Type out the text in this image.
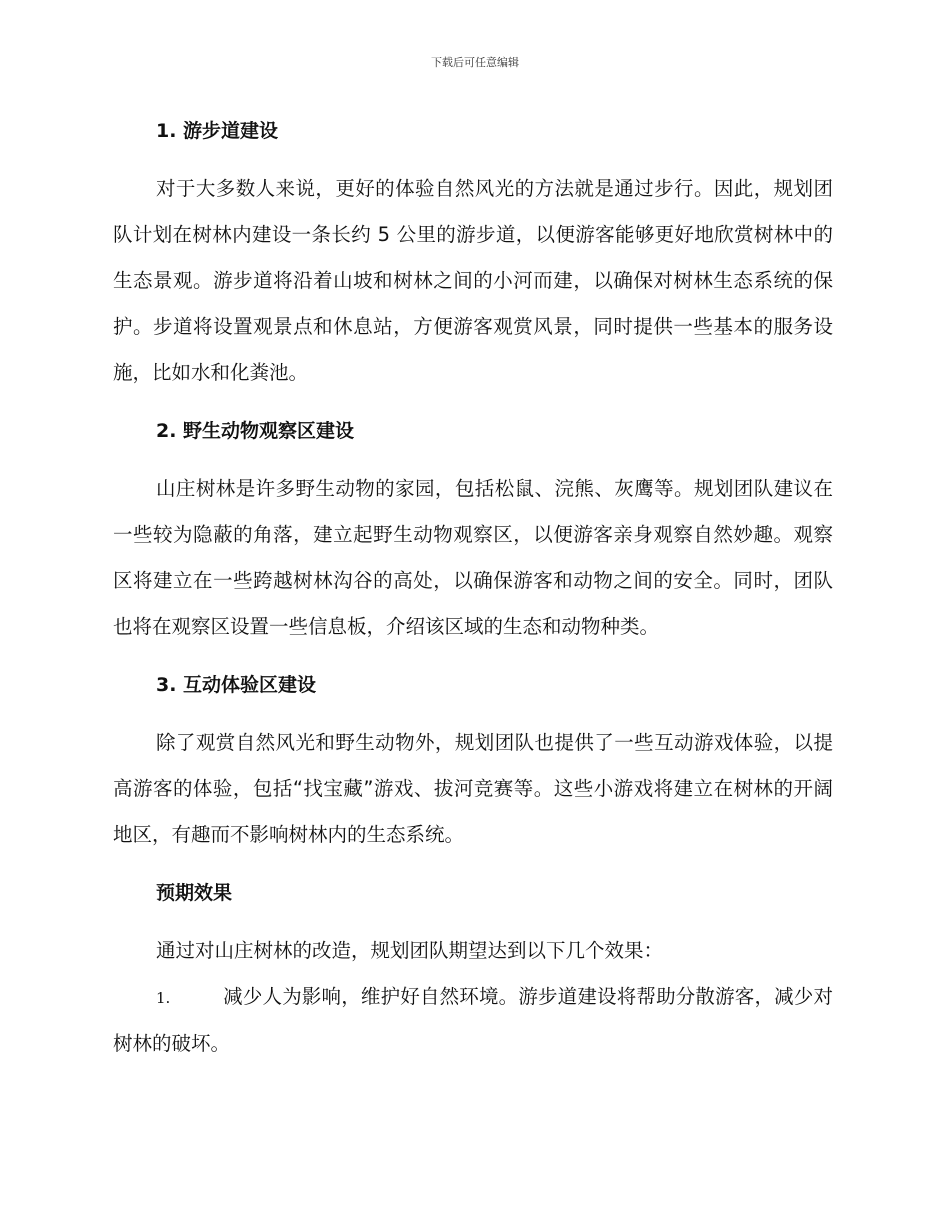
下载后可任意编辑
1. 游步道建设

对于大多数人来说，更好的体验自然风光的方法就是通过步行。因此，规划团队计划在树林内建设一条长约 5 公里的游步道，以便游客能够更好地欣赏树林中的生态景观。游步道将沿着山坡和树林之间的小河而建，以确保对树林生态系统的保护。步道将设置观景点和休息站，方便游客观赏风景，同时提供一些基本的服务设施，比如水和化粪池。

2. 野生动物观察区建设

山庄树林是许多野生动物的家园，包括松鼠、浣熊、灰鹰等。规划团队建议在一些较为隐蔽的角落，建立起野生动物观察区，以便游客亲身观察自然妙趣。观察区将建立在一些跨越树林沟谷的高处，以确保游客和动物之间的安全。同时，团队也将在观察区设置一些信息板，介绍该区域的生态和动物种类。

3. 互动体验区建设

除了观赏自然风光和野生动物外，规划团队也提供了一些互动游戏体验，以提高游客的体验，包括“找宝藏”游戏、拔河竞赛等。这些小游戏将建立在树林的开阔地区，有趣而不影响树林内的生态系统。

预期效果

通过对山庄树林的改造，规划团队期望达到以下几个效果：

1.	减少人为影响，维护好自然环境。游步道建设将帮助分散游客，减少对树林的破坏。
